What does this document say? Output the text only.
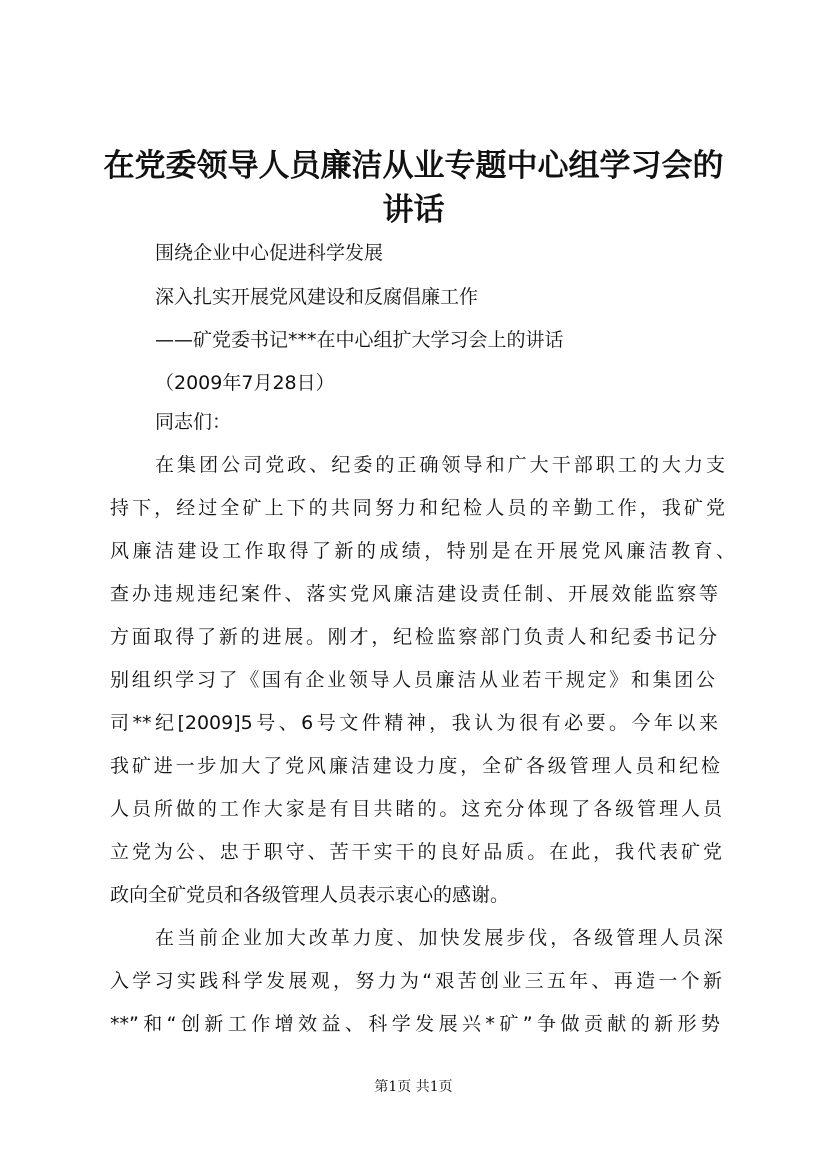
在党委领导人员廉洁从业专题中心组学习会的
讲话
围绕企业中心促进科学发展
深入扎实开展党风建设和反腐倡廉工作
——矿党委书记***在中心组扩大学习会上的讲话
（2009年7月28日）
同志们：
在集团公司党政、纪委的正确领导和广大干部职工的大力支
持下，经过全矿上下的共同努力和纪检人员的辛勤工作，我矿党
风廉洁建设工作取得了新的成绩，特别是在开展党风廉洁教育、
查办违规违纪案件、落实党风廉洁建设责任制、开展效能监察等
方面取得了新的进展。刚才，纪检监察部门负责人和纪委书记分
别组织学习了《国有企业领导人员廉洁从业若干规定》和集团公
司**纪[2009]5号、6号文件精神，我认为很有必要。今年以来
我矿进一步加大了党风廉洁建设力度，全矿各级管理人员和纪检
人员所做的工作大家是有目共睹的。这充分体现了各级管理人员
立党为公、忠于职守、苦干实干的良好品质。在此，我代表矿党
政向全矿党员和各级管理人员表示衷心的感谢。
在当前企业加大改革力度、加快发展步伐，各级管理人员深
入学习实践科学发展观，努力为“艰苦创业三五年、再造一个新
**”和“创新工作增效益、科学发展兴*矿”争做贡献的新形势
第1页 共1页
